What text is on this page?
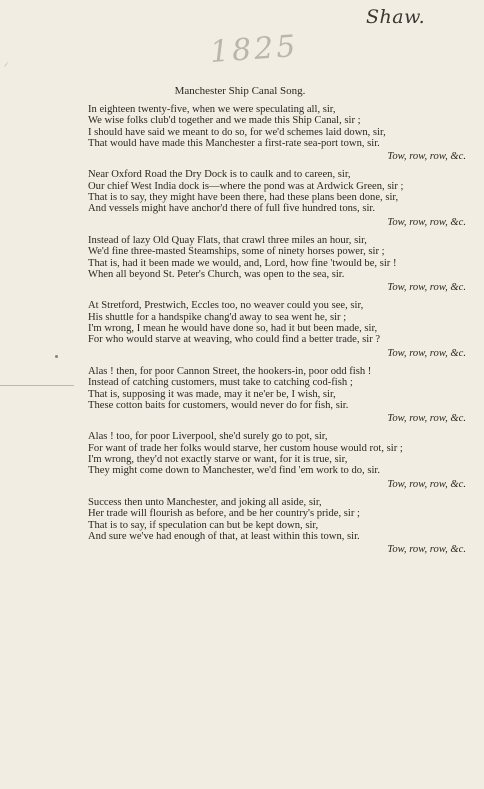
~
Shaw.
1825
Manchester Ship Canal Song.
In eighteen twenty-five, when we were speculating all, sir,
We wise folks club'd together and we made this Ship Canal, sir ;
I should have said we meant to do so, for we'd schemes laid down, sir,
That would have made this Manchester a first-rate sea-port town, sir.
Tow, row, row, &c.
Near Oxford Road the Dry Dock is to caulk and to careen, sir,
Our chief West India dock is—where the pond was at Ardwick Green, sir ;
That is to say, they might have been there, had these plans been done, sir,
And vessels might have anchor'd there of full five hundred tons, sir.
Tow, row, row, &c.
Instead of lazy Old Quay Flats, that crawl three miles an hour, sir,
We'd fine three-masted Steamships, some of ninety horses power, sir ;
That is, had it been made we would, and, Lord, how fine 'twould be, sir !
When all beyond St. Peter's Church, was open to the sea, sir.
Tow, row, row, &c.
At Stretford, Prestwich, Eccles too, no weaver could you see, sir,
His shuttle for a handspike chang'd away to sea went he, sir ;
I'm wrong, I mean he would have done so, had it but been made, sir,
For who would starve at weaving, who could find a better trade, sir ?
Tow, row, row, &c.
Alas ! then, for poor Cannon Street, the hookers-in, poor odd fish !
Instead of catching customers, must take to catching cod-fish ;
That is, supposing it was made, may it ne'er be, I wish, sir,
These cotton baits for customers, would never do for fish, sir.
Tow, row, row, &c.
Alas ! too, for poor Liverpool, she'd surely go to pot, sir,
For want of trade her folks would starve, her custom house would rot, sir ;
I'm wrong, they'd not exactly starve or want, for it is true, sir,
They might come down to Manchester, we'd find 'em work to do, sir.
Tow, row, row, &c.
Success then unto Manchester, and joking all aside, sir,
Her trade will flourish as before, and be her country's pride, sir ;
That is to say, if speculation can but be kept down, sir,
And sure we've had enough of that, at least within this town, sir.
Tow, row, row, &c.
